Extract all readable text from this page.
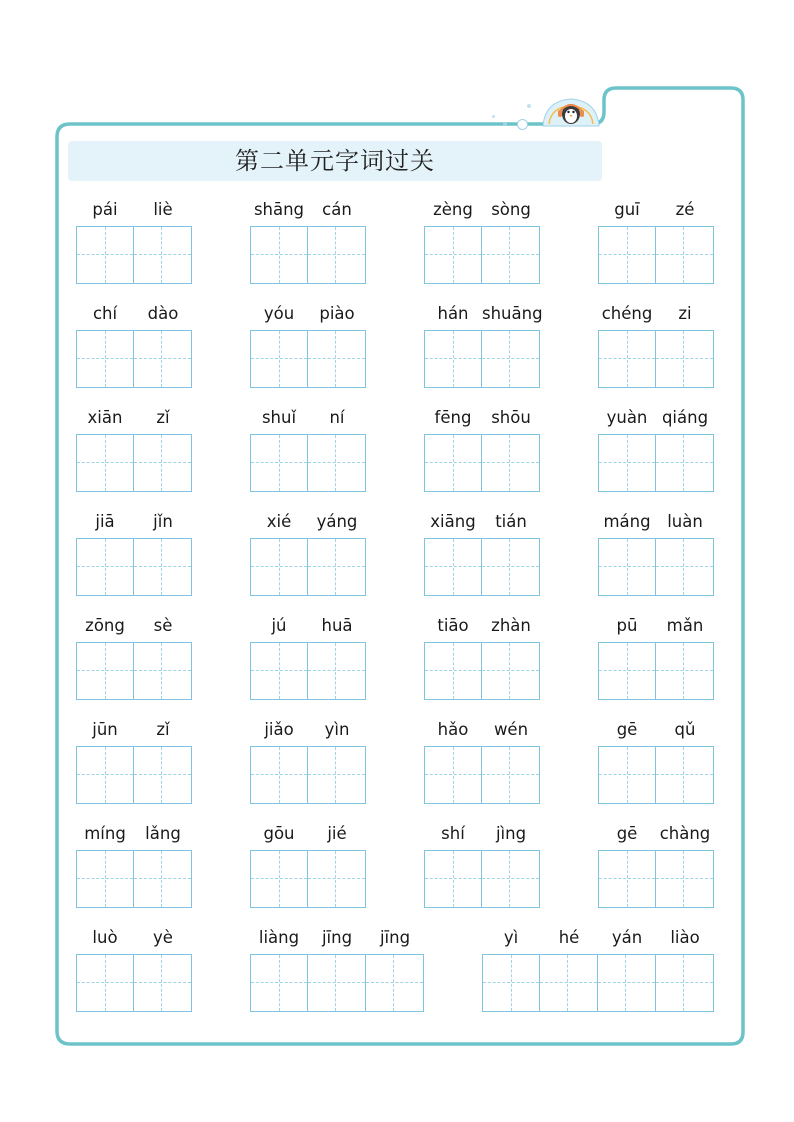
第二单元字词过关
pái	liè	shāng	cán	zèng	sòng	guī	zé
chí	dào	yóu	piào	hán shuāng	chéng	zi
xiān	zǐ	shuǐ	ní	fēng	shōu	yuàn qiáng
jiā	jǐn	xié	yáng	xiāng	tián	máng	luàn
zōng	sè	jú	huā	tiāo	zhàn	pū	mǎn
jūn	zǐ	jiǎo	yìn	hǎo	wén	gē	qǔ
míng	lǎng	gōu	jié	shí	jìng	gē	chàng
luò	yè	liàng	jīng	jīng	yì	hé	yán	liào
